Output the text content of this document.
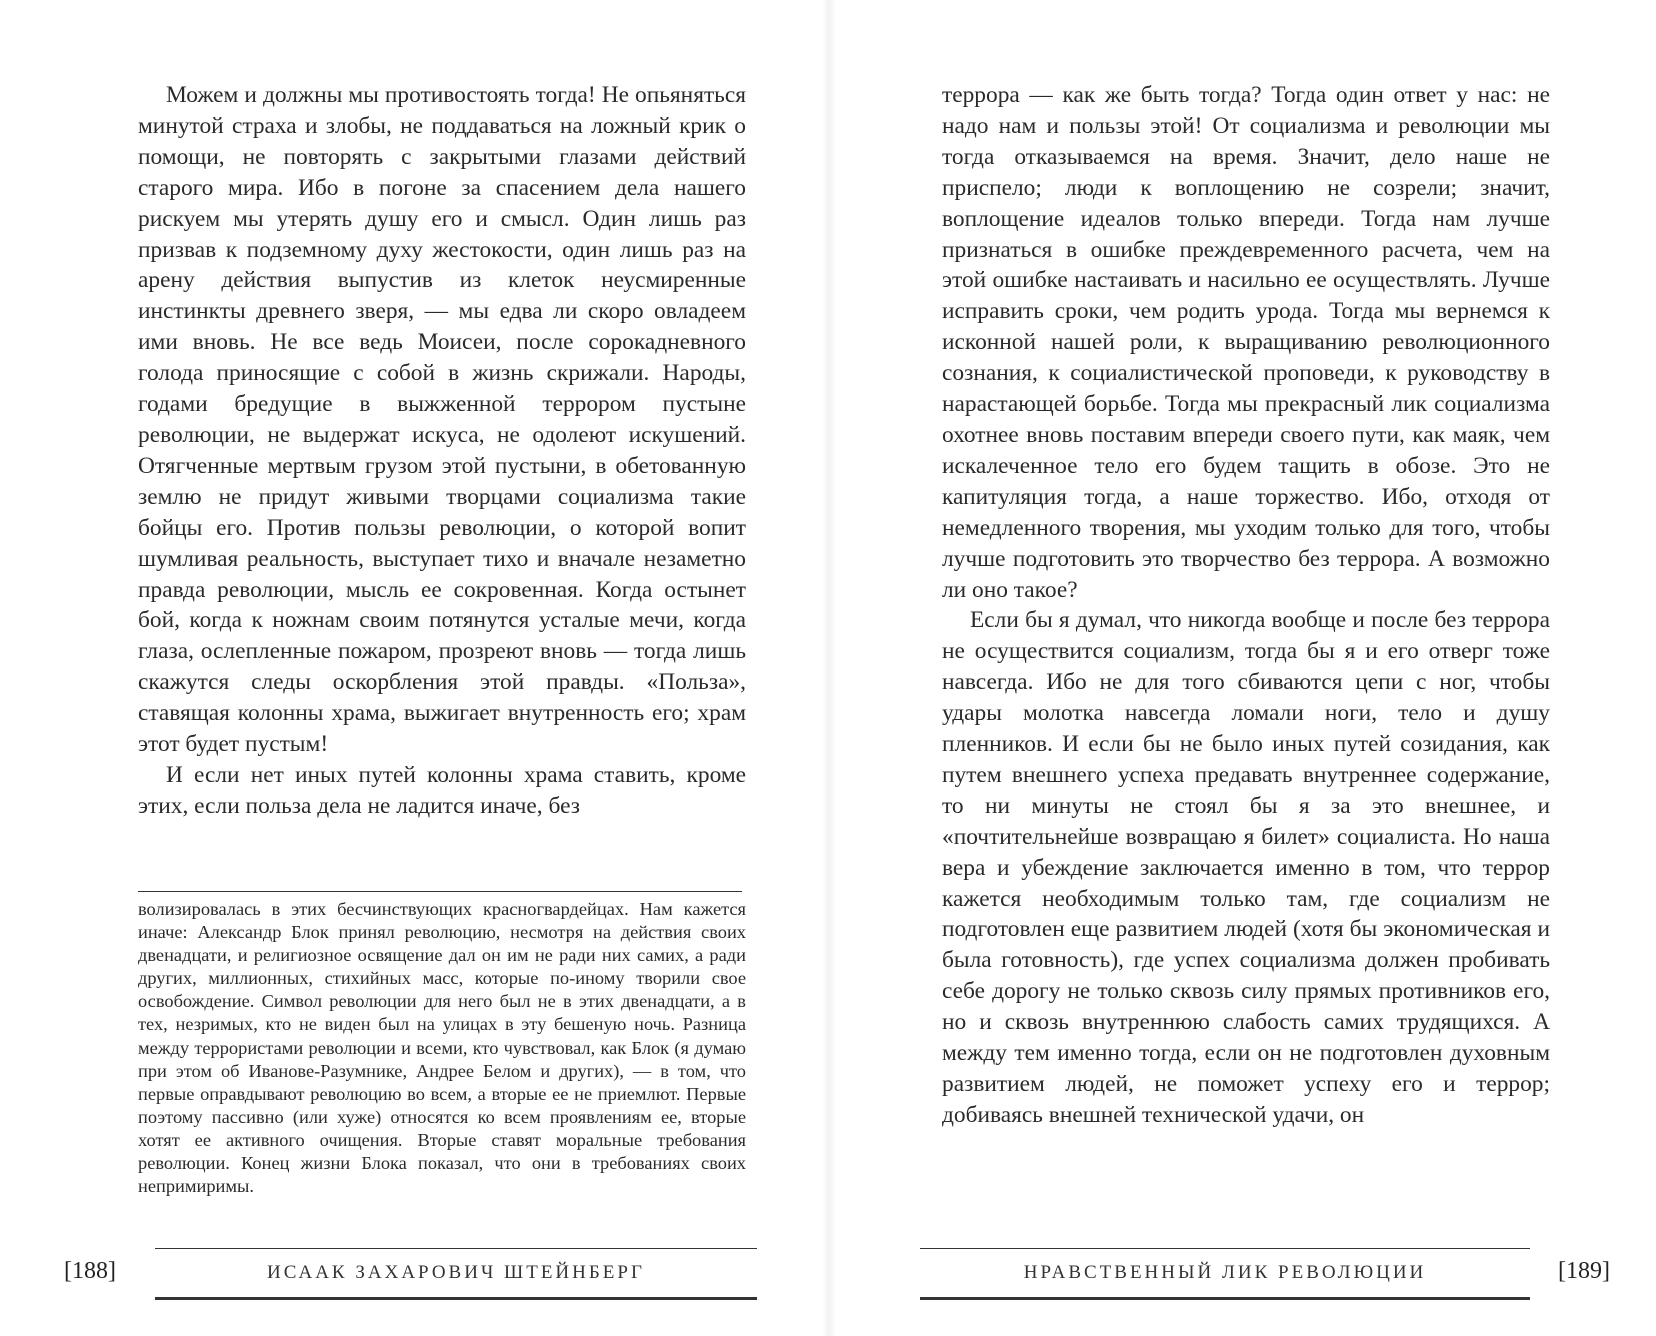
Можем и должны мы противостоять тогда! Не опьяняться минутой страха и злобы, не поддаваться на ложный крик о помощи, не повторять с закрытыми глазами действий старого мира. Ибо в погоне за спасением дела нашего рискуем мы утерять душу его и смысл. Один лишь раз призвав к подземному духу жестокости, один лишь раз на арену действия выпустив из клеток неусмиренные инстинкты древнего зверя, — мы едва ли скоро овладеем ими вновь. Не все ведь Моисеи, после сорокадневного голода приносящие с собой в жизнь скрижали. Народы, годами бредущие в выжженной террором пустыне революции, не выдержат искуса, не одолеют искушений. Отягченные мертвым грузом этой пустыни, в обетованную землю не придут живыми творцами социализма такие бойцы его. Против пользы революции, о которой вопит шумливая реальность, выступает тихо и вначале незаметно правда революции, мысль ее сокровенная. Когда остынет бой, когда к ножнам своим потянутся усталые мечи, когда глаза, ослепленные пожаром, прозреют вновь — тогда лишь скажутся следы оскорбления этой правды. «Польза», ставящая колонны храма, выжигает внутренность его; храм этот будет пустым!

И если нет иных путей колонны храма ставить, кроме этих, если польза дела не ладится иначе, без

волизировалась в этих бесчинствующих красногвардейцах. Нам кажется иначе: Александр Блок принял революцию, несмотря на действия своих двенадцати, и религиозное освящение дал он им не ради них самих, а ради других, миллионных, стихийных масс, которые по-иному творили свое освобождение. Символ революции для него был не в этих двенадцати, а в тех, незримых, кто не виден был на улицах в эту бешеную ночь. Разница между террористами революции и всеми, кто чувствовал, как Блок (я думаю при этом об Иванове-Разумнике, Андрее Белом и других), — в том, что первые оправдывают революцию во всем, а вторые ее не приемлют. Первые поэтому пассивно (или хуже) относятся ко всем проявлениям ее, вторые хотят ее активного очищения. Вторые ставят моральные требования революции. Конец жизни Блока показал, что они в требованиях своих непримиримы.

[188]	ИСААК ЗАХАРОВИЧ ШТЕЙНБЕРГ

террора — как же быть тогда? Тогда один ответ у нас: не надо нам и пользы этой! От социализма и революции мы тогда отказываемся на время. Значит, дело наше не приспело; люди к воплощению не созрели; значит, воплощение идеалов только впереди. Тогда нам лучше признаться в ошибке преждевременного расчета, чем на этой ошибке настаивать и насильно ее осуществлять. Лучше исправить сроки, чем родить урода. Тогда мы вернемся к исконной нашей роли, к выращиванию революционного сознания, к социалистической проповеди, к руководству в нарастающей борьбе. Тогда мы прекрасный лик социализма охотнее вновь поставим впереди своего пути, как маяк, чем искалеченное тело его будем тащить в обозе. Это не капитуляция тогда, а наше торжество. Ибо, отходя от немедленного творения, мы уходим только для того, чтобы лучше подготовить это творчество без террора. А возможно ли оно такое?

Если бы я думал, что никогда вообще и после без террора не осуществится социализм, тогда бы я и его отверг тоже навсегда. Ибо не для того сбиваются цепи с ног, чтобы удары молотка навсегда ломали ноги, тело и душу пленников. И если бы не было иных путей созидания, как путем внешнего успеха предавать внутреннее содержание, то ни минуты не стоял бы я за это внешнее, и «почтительнейше возвращаю я билет» социалиста. Но наша вера и убеждение заключается именно в том, что террор кажется необходимым только там, где социализм не подготовлен еще развитием людей (хотя бы экономическая и была готовность), где успех социализма должен пробивать себе дорогу не только сквозь силу прямых противников его, но и сквозь внутреннюю слабость самих трудящихся. А между тем именно тогда, если он не подготовлен духовным развитием людей, не поможет успеху его и террор; добиваясь внешней технической удачи, он

НРАВСТВЕННЫЙ ЛИК РЕВОЛЮЦИИ	[189]
